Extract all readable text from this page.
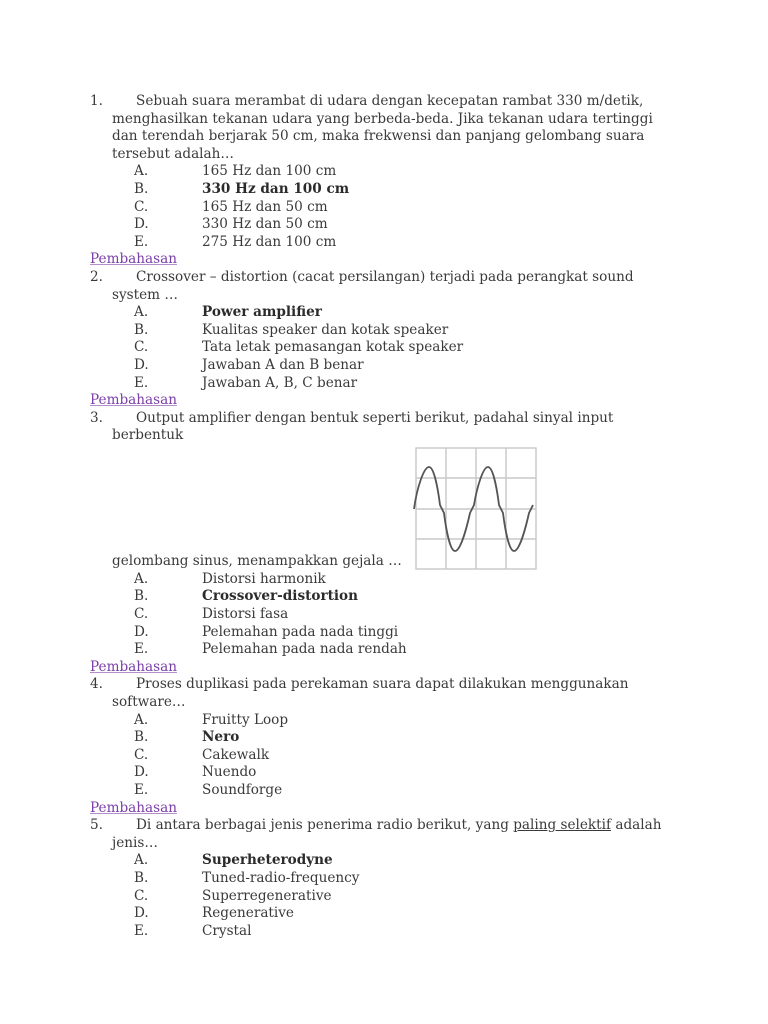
1.	Sebuah suara merambat di udara dengan kecepatan rambat 330 m/detik, menghasilkan tekanan udara yang berbeda-beda. Jika tekanan udara tertinggi dan terendah berjarak 50 cm, maka frekwensi dan panjang gelombang suara tersebut adalah…

A.	165 Hz dan 100 cm
B.	330 Hz dan 100 cm
C.	165 Hz dan 50 cm
D.	330 Hz dan 50 cm
E.	275 Hz dan 100 cm
Pembahasan
2.	Crossover – distortion (cacat persilangan) terjadi pada perangkat sound system …

A.	Power amplifier
B.	Kualitas speaker dan kotak speaker
C.	Tata letak pemasangan kotak speaker
D.	Jawaban A dan B benar
E.	Jawaban A, B, C benar
Pembahasan
3.	Output amplifier dengan bentuk seperti berikut, padahal sinyal input berbentuk

gelombang sinus, menampakkan gejala …

A.	Distorsi harmonik
B.	Crossover-distortion
C.	Distorsi fasa
D.	Pelemahan pada nada tinggi
E.	Pelemahan pada nada rendah
Pembahasan
4.	Proses duplikasi pada perekaman suara dapat dilakukan menggunakan software…

A.	Fruitty Loop
B.	Nero
C.	Cakewalk
D.	Nuendo
E.	Soundforge
Pembahasan
5.	Di antara berbagai jenis penerima radio berikut, yang paling selektif adalah jenis…

A.	Superheterodyne
B.	Tuned-radio-frequency
C.	Superregenerative
D.	Regenerative
E.	Crystal
